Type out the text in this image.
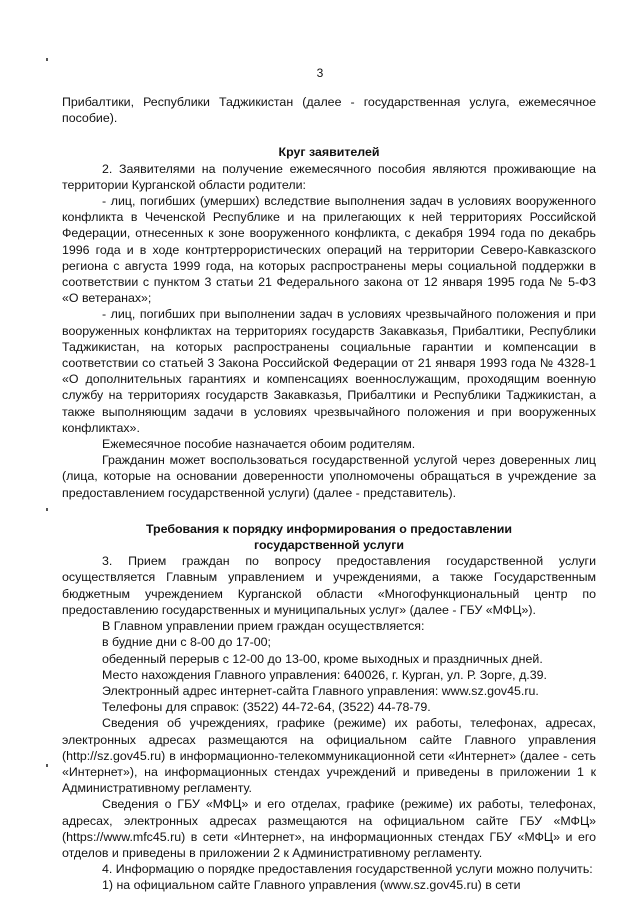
3

Прибалтики, Республики Таджикистан (далее - государственная услуга, ежемесячное пособие).

Круг заявителей

2. Заявителями на получение ежемесячного пособия являются проживающие на территории Курганской области родители:

- лиц, погибших (умерших) вследствие выполнения задач в условиях вооруженного конфликта в Чеченской Республике и на прилегающих к ней территориях Российской Федерации, отнесенных к зоне вооруженного конфликта, с декабря 1994 года по декабрь 1996 года и в ходе контртеррористических операций на территории Северо-Кавказского региона с августа 1999 года, на которых распространены меры социальной поддержки в соответствии с пунктом 3 статьи 21 Федерального закона от 12 января 1995 года № 5-ФЗ «О ветеранах»;

- лиц, погибших при выполнении задач в условиях чрезвычайного положения и при вооруженных конфликтах на территориях государств Закавказья, Прибалтики, Республики Таджикистан, на которых распространены социальные гарантии и компенсации в соответствии со статьей 3 Закона Российской Федерации от 21 января 1993 года № 4328-1 «О дополнительных гарантиях и компенсациях военнослужащим, проходящим военную службу на территориях государств Закавказья, Прибалтики и Республики Таджикистан, а также выполняющим задачи в условиях чрезвычайного положения и при вооруженных конфликтах».

Ежемесячное пособие назначается обоим родителям.

Гражданин может воспользоваться государственной услугой через доверенных лиц (лица, которые на основании доверенности уполномочены обращаться в учреждение за предоставлением государственной услуги) (далее - представитель).

Требования к порядку информирования о предоставлении

государственной услуги

3. Прием граждан по вопросу предоставления государственной услуги осуществляется Главным управлением и учреждениями, а также Государственным бюджетным учреждением Курганской области «Многофункциональный центр по предоставлению государственных и муниципальных услуг» (далее - ГБУ «МФЦ»).

В Главном управлении прием граждан осуществляется:

в будние дни с 8-00 до 17-00;

обеденный перерыв с 12-00 до 13-00, кроме выходных и праздничных дней.

Место нахождения Главного управления: 640026, г. Курган, ул. Р. Зорге, д.39.

Электронный адрес интернет-сайта Главного управления: www.sz.gov45.ru.

Телефоны для справок: (3522) 44-72-64, (3522) 44-78-79.

Сведения об учреждениях, графике (режиме) их работы, телефонах, адресах, электронных адресах размещаются на официальном сайте Главного управления (http://sz.gov45.ru) в информационно-телекоммуникационной сети «Интернет» (далее - сеть «Интернет»), на информационных стендах учреждений и приведены в приложении 1 к Административному регламенту.

Сведения о ГБУ «МФЦ» и его отделах, графике (режиме) их работы, телефонах, адресах, электронных адресах размещаются на официальном сайте ГБУ «МФЦ» (https://www.mfc45.ru) в сети «Интернет», на информационных стендах ГБУ «МФЦ» и его отделов и приведены в приложении 2 к Административному регламенту.

4. Информацию о порядке предоставления государственной услуги можно получить:

1) на официальном сайте Главного управления (www.sz.gov45.ru) в сети
